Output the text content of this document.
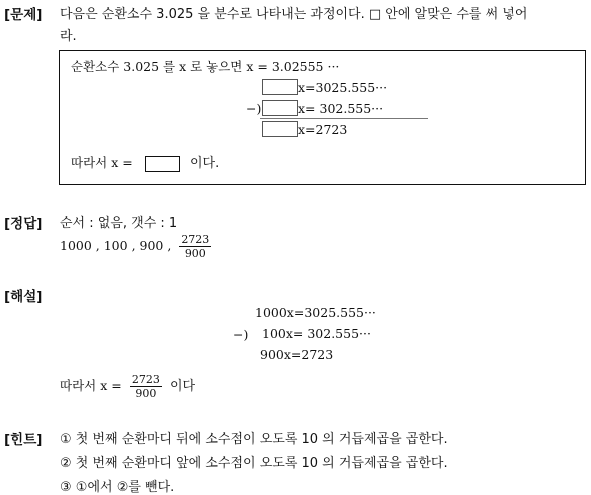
[문제] 다음은 순환소수 3.025 을 분수로 나타내는 과정이다. □ 안에 알맞은 수를 써 넣어
라.
순환소수 3.025 를 x 로 놓으면 x = 3.02555 ···
x=3025.555···
−)	x= 302.555···
x=2723
따라서 x =	이다.
[정답] 순서 : 없음, 갯수 : 1
1000 , 100 , 900 , $\frac{2723}{900}$
[해설]
1000x=3025.555···
−) 100x= 302.555···
900x=2723
따라서 $x = \frac{2723}{900}$ 이다
[힌트] ① 첫 번째 순환마디 뒤에 소수점이 오도록 10 의 거듭제곱을 곱한다.
② 첫 번째 순환마디 앞에 소수점이 오도록 10 의 거듭제곱을 곱한다.
③ ①에서 ②를 뺀다.
